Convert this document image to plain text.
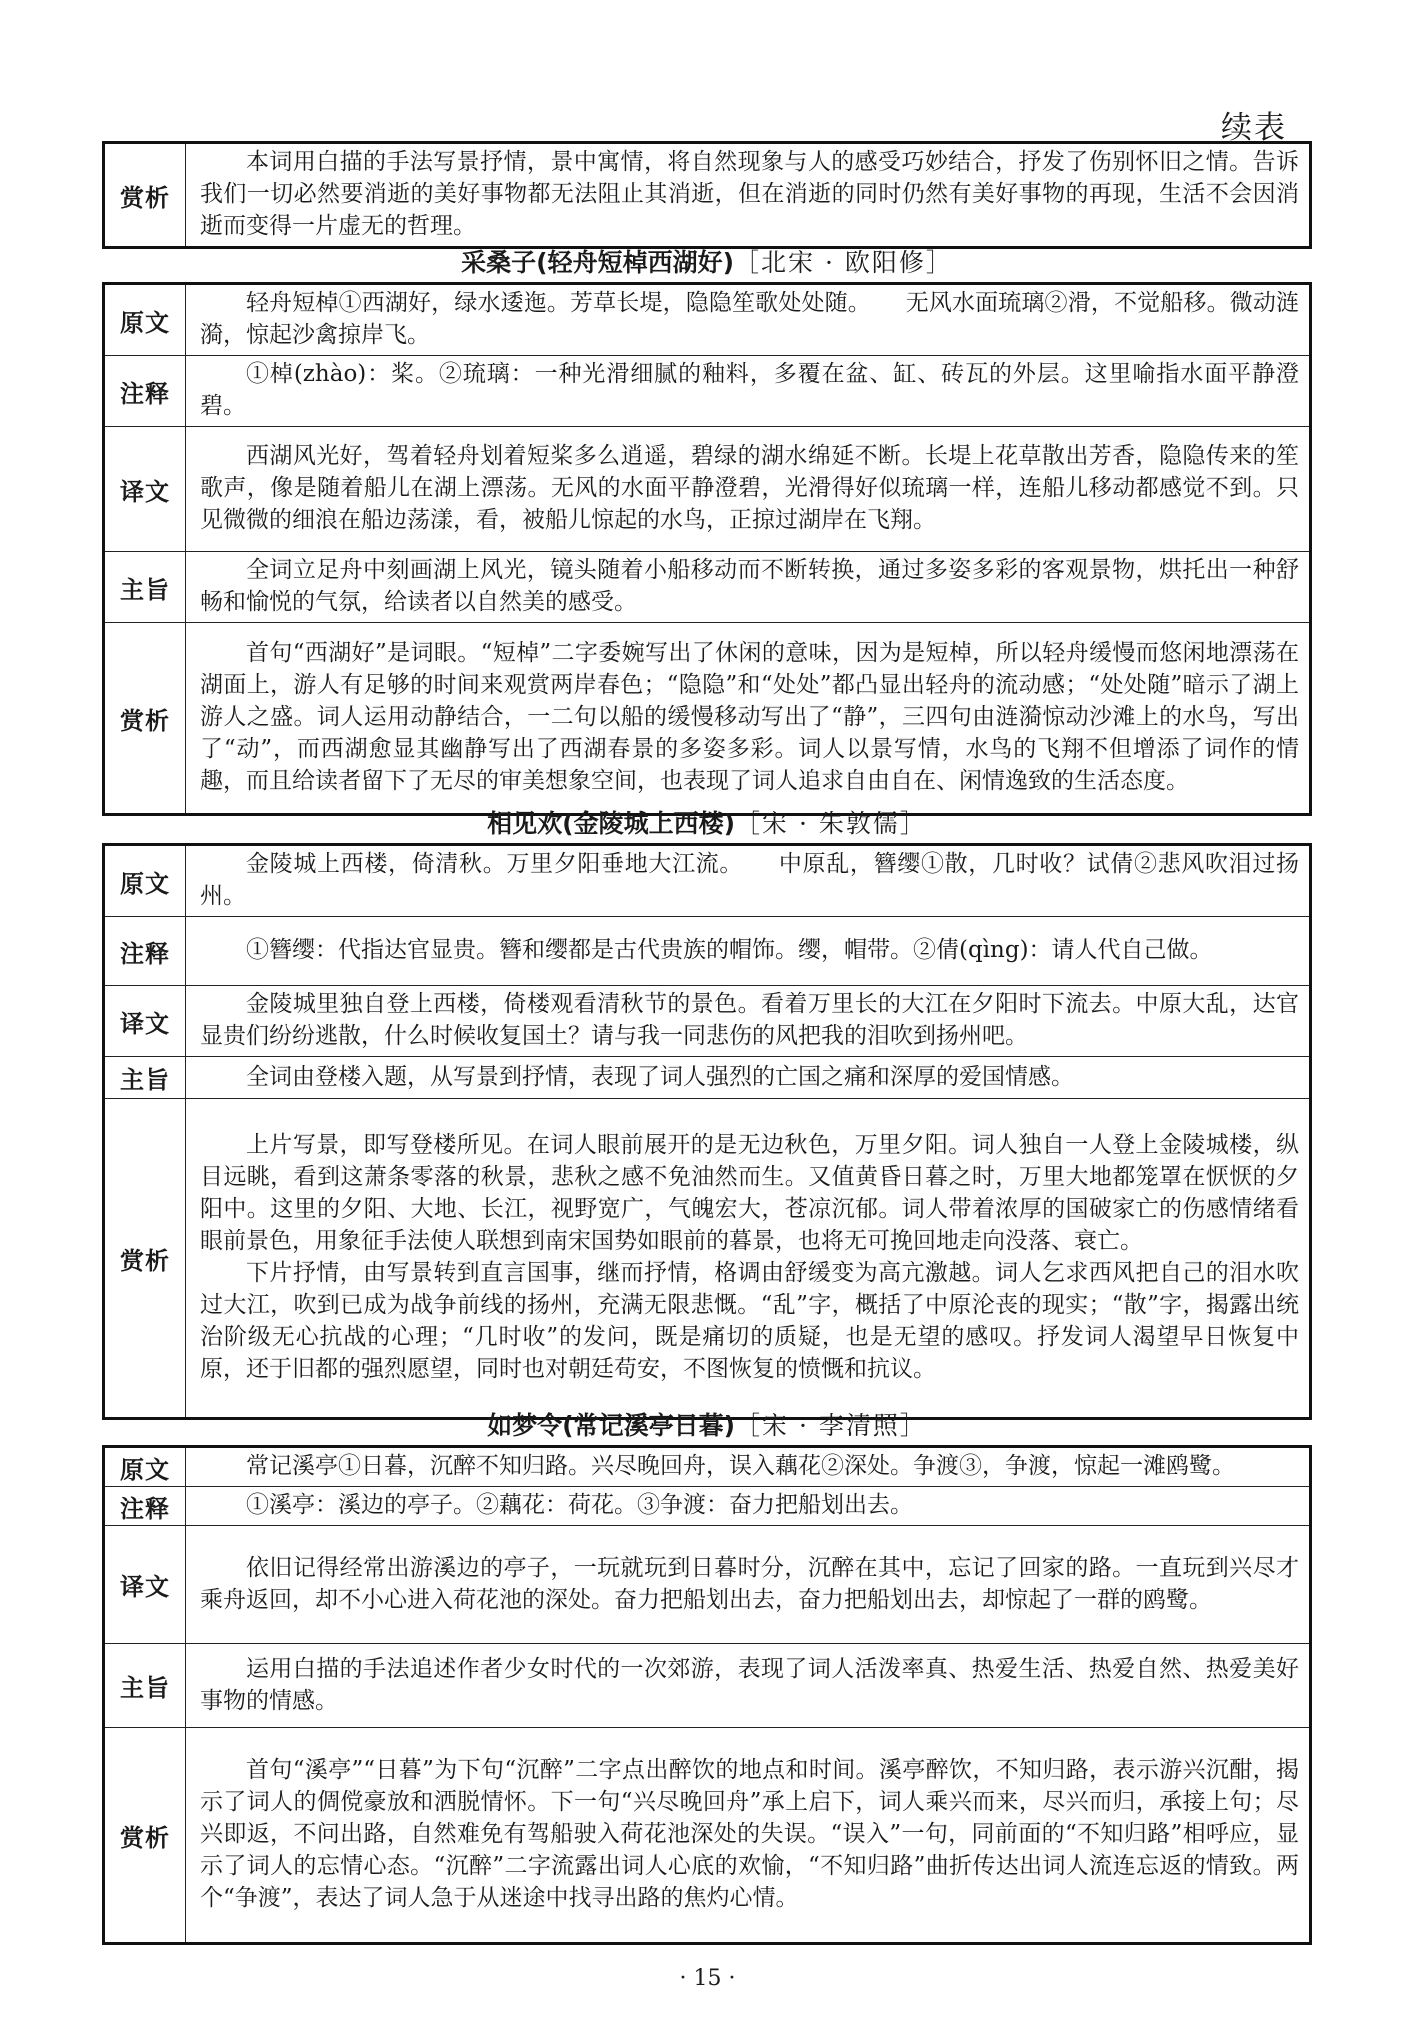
续表
赏析	本词用白描的手法写景抒情，景中寓情，将自然现象与人的感受巧妙结合，抒发了伤别怀旧之情。告诉我们一切必然要消逝的美好事物都无法阻止其消逝，但在消逝的同时仍然有美好事物的再现，生活不会因消逝而变得一片虚无的哲理。
采桑子(轻舟短棹西湖好)［北宋 · 欧阳修］
原文	轻舟短棹①西湖好，绿水逶迤。芳草长堤，隐隐笙歌处处随。　　无风水面琉璃②滑，不觉船移。微动涟漪，惊起沙禽掠岸飞。
注释	①棹(zhào)：桨。②琉璃：一种光滑细腻的釉料，多覆在盆、缸、砖瓦的外层。这里喻指水面平静澄碧。
译文	西湖风光好，驾着轻舟划着短桨多么逍遥，碧绿的湖水绵延不断。长堤上花草散出芳香，隐隐传来的笙歌声，像是随着船儿在湖上漂荡。无风的水面平静澄碧，光滑得好似琉璃一样，连船儿移动都感觉不到。只见微微的细浪在船边荡漾，看，被船儿惊起的水鸟，正掠过湖岸在飞翔。
主旨	全词立足舟中刻画湖上风光，镜头随着小船移动而不断转换，通过多姿多彩的客观景物，烘托出一种舒畅和愉悦的气氛，给读者以自然美的感受。
赏析	首句“西湖好”是词眼。“短棹”二字委婉写出了休闲的意味，因为是短棹，所以轻舟缓慢而悠闲地漂荡在湖面上，游人有足够的时间来观赏两岸春色；“隐隐”和“处处”都凸显出轻舟的流动感；“处处随”暗示了湖上游人之盛。词人运用动静结合，一二句以船的缓慢移动写出了“静”，三四句由涟漪惊动沙滩上的水鸟，写出了“动”，而西湖愈显其幽静写出了西湖春景的多姿多彩。词人以景写情，水鸟的飞翔不但增添了词作的情趣，而且给读者留下了无尽的审美想象空间，也表现了词人追求自由自在、闲情逸致的生活态度。
相见欢(金陵城上西楼)［宋 · 朱敦儒］
原文	金陵城上西楼，倚清秋。万里夕阳垂地大江流。　　中原乱，簪缨①散，几时收？试倩②悲风吹泪过扬州。
注释	①簪缨：代指达官显贵。簪和缨都是古代贵族的帽饰。缨，帽带。②倩(qìng)：请人代自己做。
译文	金陵城里独自登上西楼，倚楼观看清秋节的景色。看着万里长的大江在夕阳时下流去。中原大乱，达官显贵们纷纷逃散，什么时候收复国土？请与我一同悲伤的风把我的泪吹到扬州吧。
主旨	全词由登楼入题，从写景到抒情，表现了词人强烈的亡国之痛和深厚的爱国情感。
赏析	上片写景，即写登楼所见。在词人眼前展开的是无边秋色，万里夕阳。词人独自一人登上金陵城楼，纵目远眺，看到这萧条零落的秋景，悲秋之感不免油然而生。又值黄昏日暮之时，万里大地都笼罩在恹恹的夕阳中。这里的夕阳、大地、长江，视野宽广，气魄宏大，苍凉沉郁。词人带着浓厚的国破家亡的伤感情绪看眼前景色，用象征手法使人联想到南宋国势如眼前的暮景，也将无可挽回地走向没落、衰亡。
下片抒情，由写景转到直言国事，继而抒情，格调由舒缓变为高亢激越。词人乞求西风把自己的泪水吹过大江，吹到已成为战争前线的扬州，充满无限悲慨。“乱”字，概括了中原沦丧的现实；“散”字，揭露出统治阶级无心抗战的心理；“几时收”的发问，既是痛切的质疑，也是无望的感叹。抒发词人渴望早日恢复中原，还于旧都的强烈愿望，同时也对朝廷苟安，不图恢复的愤慨和抗议。
如梦令(常记溪亭日暮)［宋 · 李清照］
原文	常记溪亭①日暮，沉醉不知归路。兴尽晚回舟，误入藕花②深处。争渡③，争渡，惊起一滩鸥鹭。
注释	①溪亭：溪边的亭子。②藕花：荷花。③争渡：奋力把船划出去。
译文	依旧记得经常出游溪边的亭子，一玩就玩到日暮时分，沉醉在其中，忘记了回家的路。一直玩到兴尽才乘舟返回，却不小心进入荷花池的深处。奋力把船划出去，奋力把船划出去，却惊起了一群的鸥鹭。
主旨	运用白描的手法追述作者少女时代的一次郊游，表现了词人活泼率真、热爱生活、热爱自然、热爱美好事物的情感。
赏析	首句“溪亭”“日暮”为下句“沉醉”二字点出醉饮的地点和时间。溪亭醉饮，不知归路，表示游兴沉酣，揭示了词人的倜傥豪放和洒脱情怀。下一句“兴尽晚回舟”承上启下，词人乘兴而来，尽兴而归，承接上句；尽兴即返，不问出路，自然难免有驾船驶入荷花池深处的失误。“误入”一句，同前面的“不知归路”相呼应，显示了词人的忘情心态。“沉醉”二字流露出词人心底的欢愉，“不知归路”曲折传达出词人流连忘返的情致。两个“争渡”，表达了词人急于从迷途中找寻出路的焦灼心情。
· 15 ·
